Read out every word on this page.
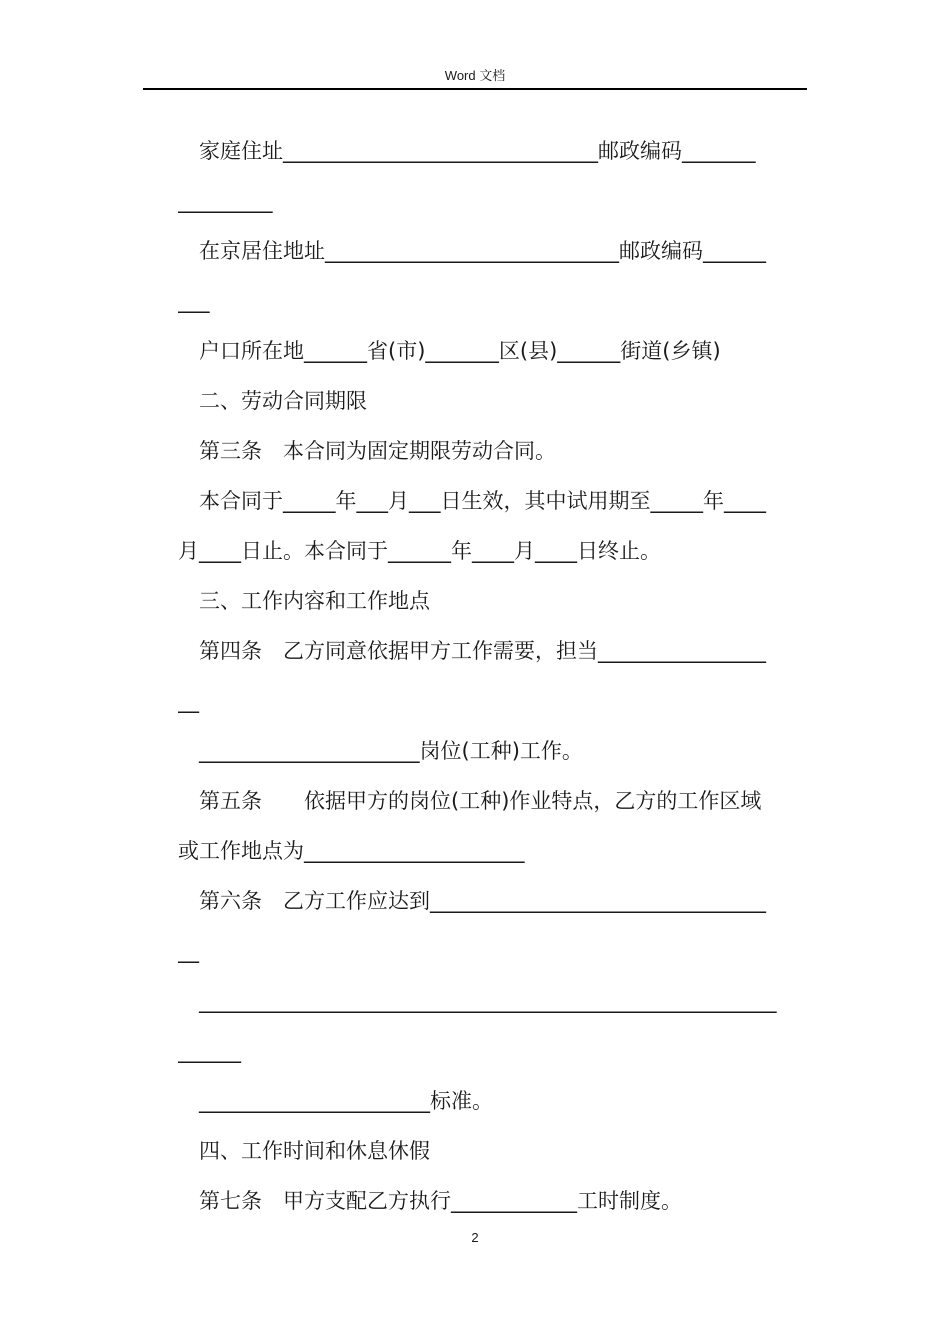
Word 文档
家庭住址______________________________邮政编码_______
_________
在京居住地址____________________________邮政编码______
___
户口所在地______省(市)_______区(县)______街道(乡镇)
二、劳动合同期限
第三条　本合同为固定期限劳动合同。
本合同于_____年___月___日生效，其中试用期至_____年____
月____日止。本合同于______年____月____日终止。
三、工作内容和工作地点
第四条　乙方同意依据甲方工作需要，担当________________
__
_____________________岗位(工种)工作。
第五条　　依据甲方的岗位(工种)作业特点，乙方的工作区域
或工作地点为_____________________
第六条　乙方工作应达到________________________________
__
_______________________________________________________
______
______________________标准。
四、工作时间和休息休假
第七条　甲方支配乙方执行____________工时制度。
2
